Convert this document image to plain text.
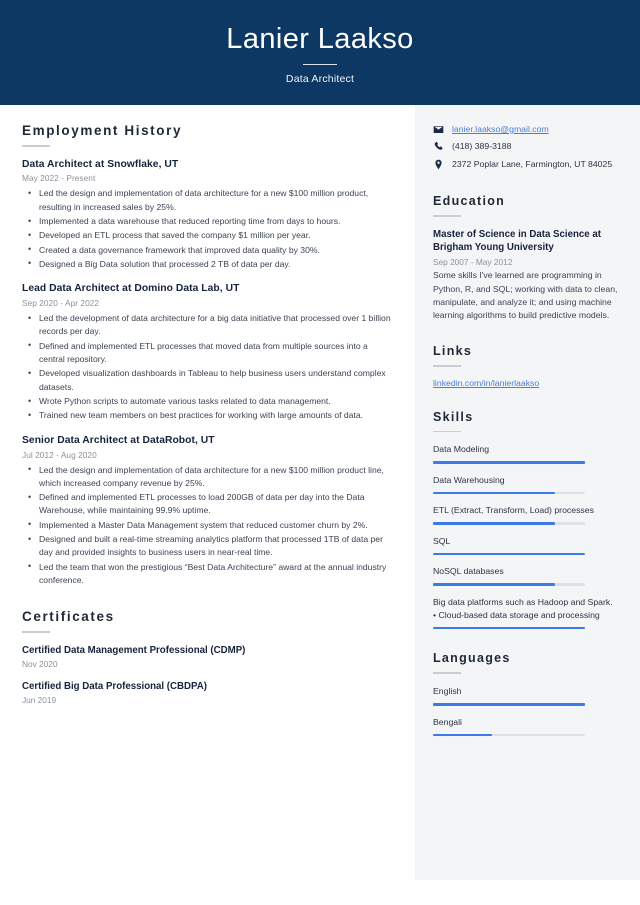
Lanier Laakso
Data Architect
Employment History
Data Architect at Snowflake, UT
May 2022 - Present
• Led the design and implementation of data architecture for a new $100 million product, resulting in increased sales by 25%.
• Implemented a data warehouse that reduced reporting time from days to hours.
• Developed an ETL process that saved the company $1 million per year.
• Created a data governance framework that improved data quality by 30%.
• Designed a Big Data solution that processed 2 TB of data per day.
Lead Data Architect at Domino Data Lab, UT
Sep 2020 - Apr 2022
• Led the development of data architecture for a big data initiative that processed over 1 billion records per day.
• Defined and implemented ETL processes that moved data from multiple sources into a central repository.
• Developed visualization dashboards in Tableau to help business users understand complex datasets.
• Wrote Python scripts to automate various tasks related to data management.
• Trained new team members on best practices for working with large amounts of data.
Senior Data Architect at DataRobot, UT
Jul 2012 - Aug 2020
• Led the design and implementation of data architecture for a new $100 million product line, which increased company revenue by 25%.
• Defined and implemented ETL processes to load 200GB of data per day into the Data Warehouse, while maintaining 99.9% uptime.
• Implemented a Master Data Management system that reduced customer churn by 2%.
• Designed and built a real-time streaming analytics platform that processed 1TB of data per day and provided insights to business users in near-real time.
• Led the team that won the prestigious “Best Data Architecture” award at the annual industry conference.
Certificates
Certified Data Management Professional (CDMP)
Nov 2020
Certified Big Data Professional (CBDPA)
Jun 2019
lanier.laakso@gmail.com
(418) 389-3188
2372 Poplar Lane, Farmington, UT 84025
Education
Master of Science in Data Science at Brigham Young University
Sep 2007 - May 2012
Some skills I've learned are programming in Python, R, and SQL; working with data to clean, manipulate, and analyze it; and using machine learning algorithms to build predictive models.
Links
linkedin.com/in/lanierlaakso
Skills
Data Modeling
Data Warehousing
ETL (Extract, Transform, Load) processes
SQL
NoSQL databases
Big data platforms such as Hadoop and Spark. • Cloud-based data storage and processing
Languages
English
Bengali
